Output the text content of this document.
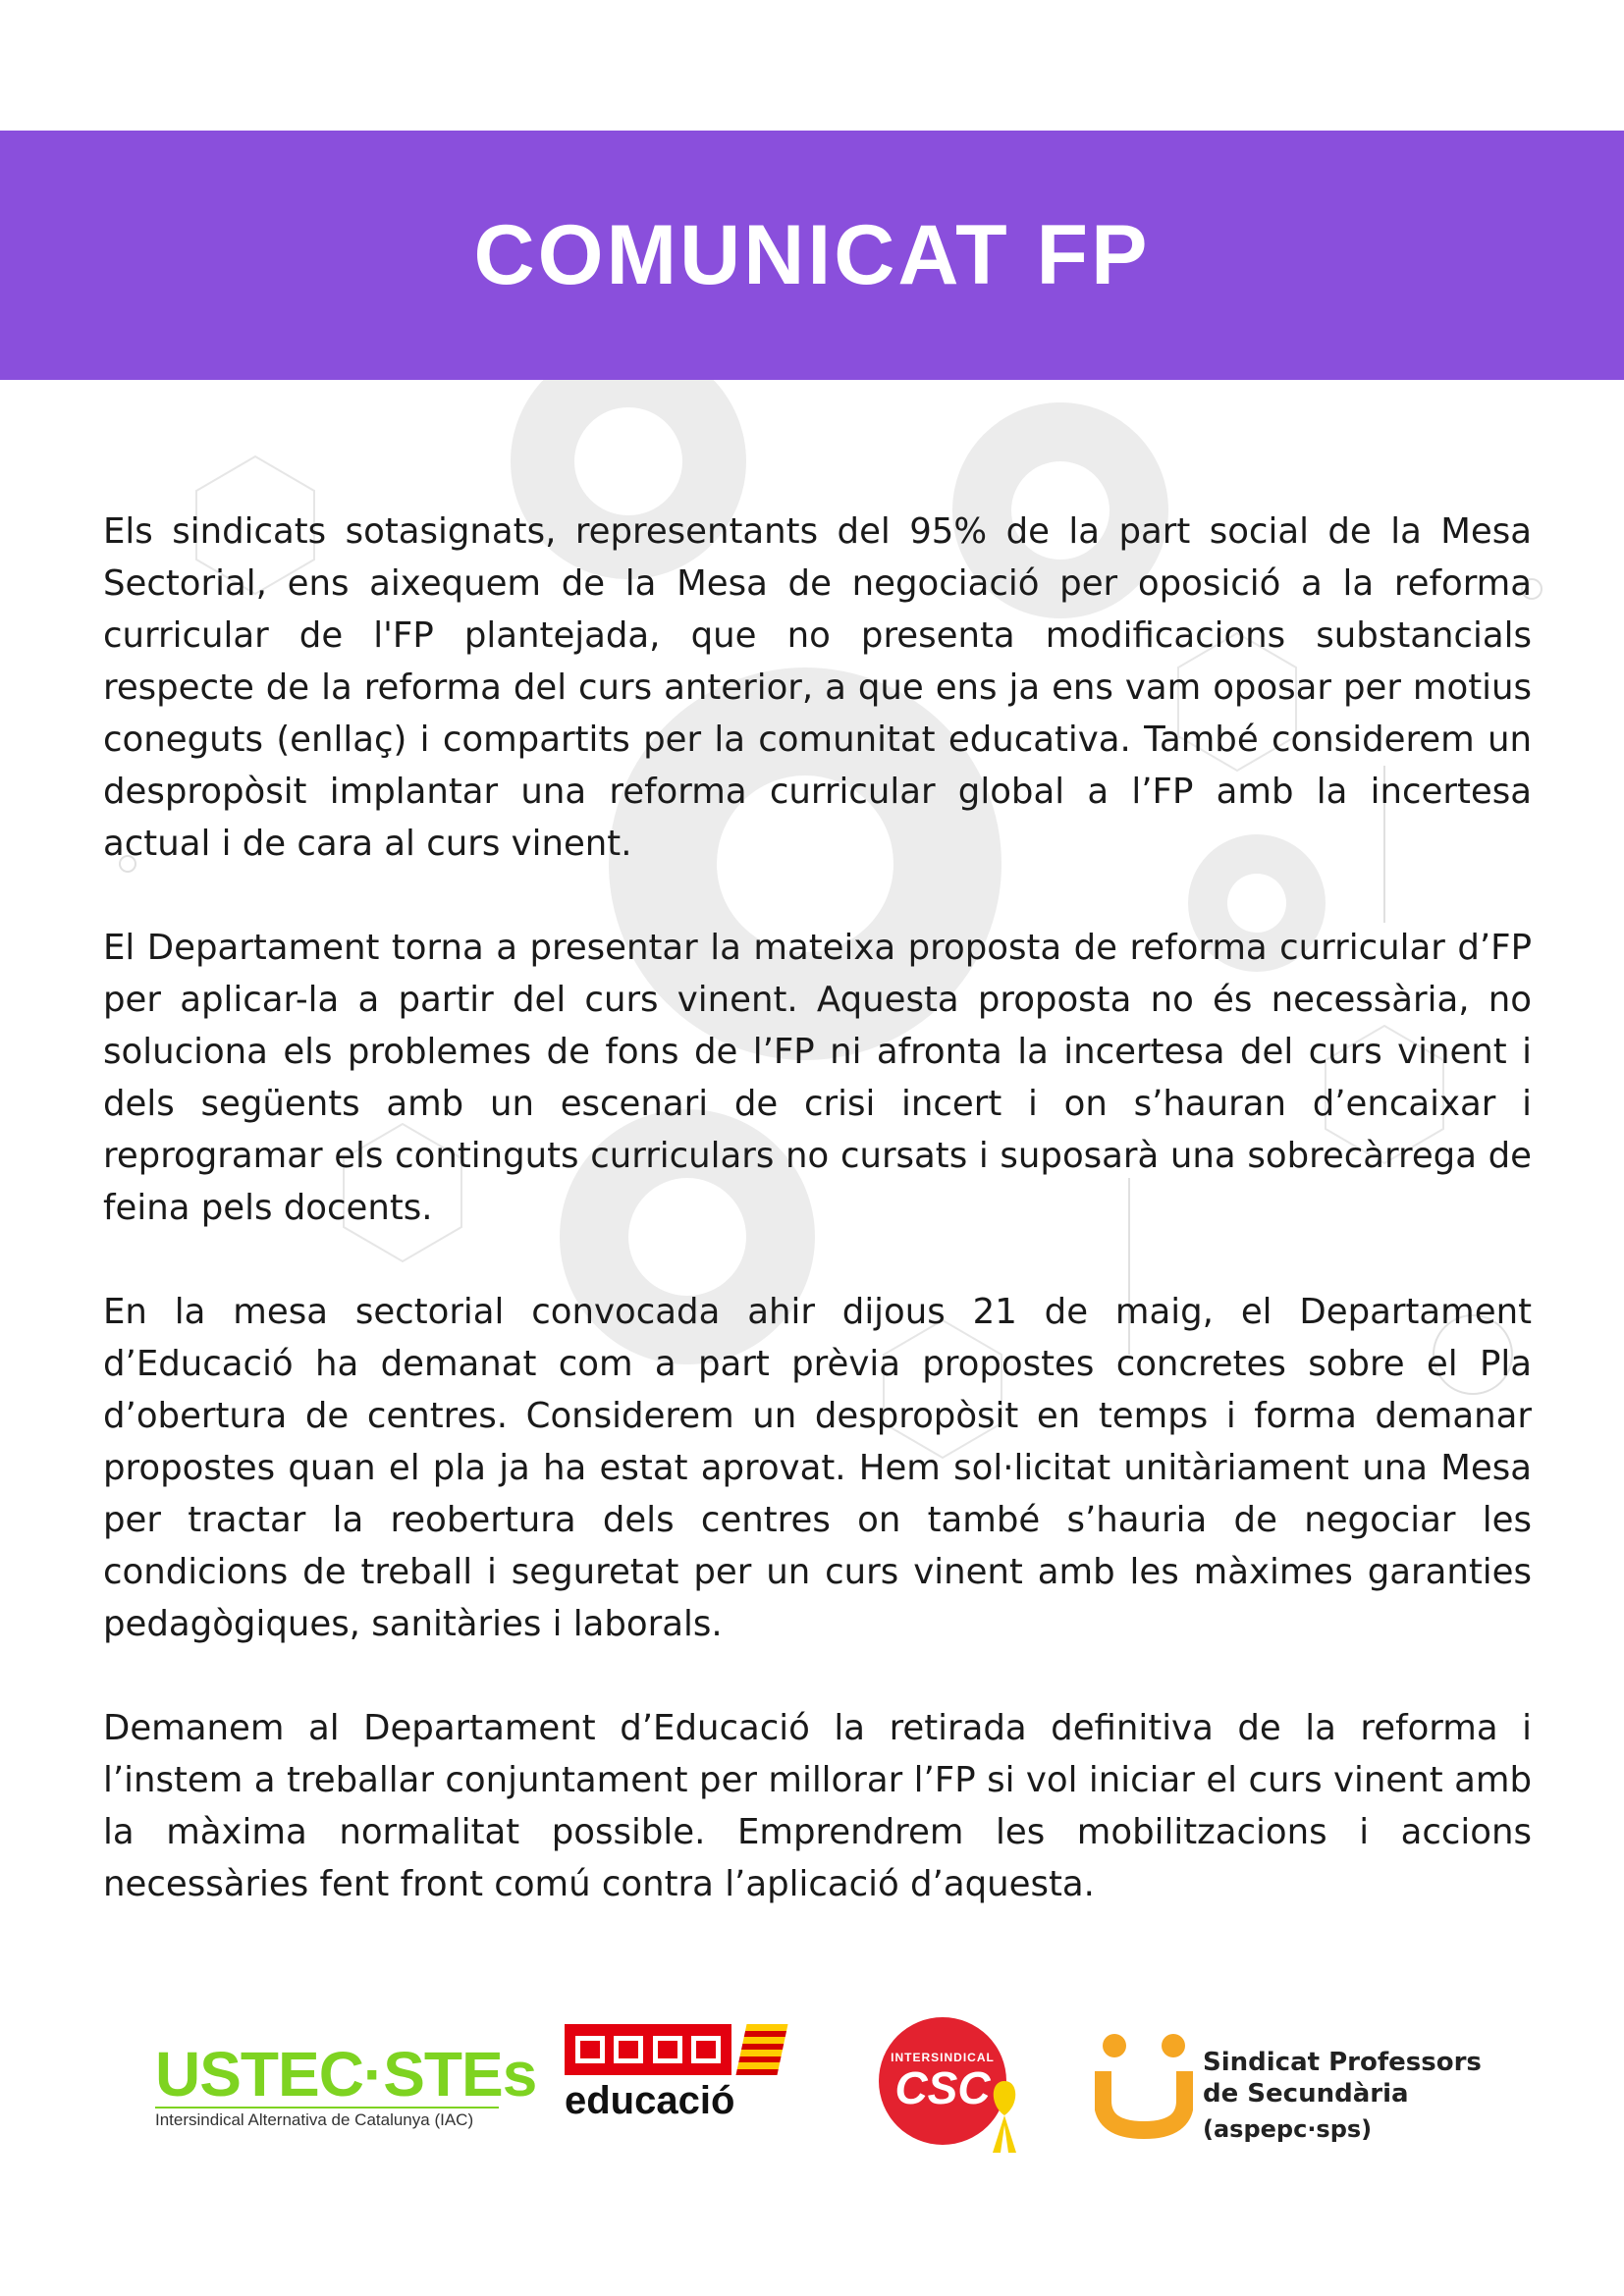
COMUNICAT FP

Els sindicats sotasignats, representants del 95% de la part social de la Mesa Sectorial, ens aixequem de la Mesa de negociació per oposició a la reforma curricular de l'FP plantejada, que no presenta modificacions substancials respecte de la reforma del curs anterior, a que ens ja ens vam oposar per motius coneguts (enllaç) i compartits per la comunitat educativa. També considerem un despropòsit implantar una reforma curricular global a l’FP amb la incertesa actual i de cara al curs vinent.

El Departament torna a presentar la mateixa proposta de reforma curricular d’FP per aplicar-la a partir del curs vinent. Aquesta proposta no és necessària, no soluciona els problemes de fons de l’FP ni afronta la incertesa del curs vinent i dels següents amb un escenari de crisi incert i on s’hauran d’encaixar i reprogramar els continguts curriculars no cursats i suposarà una sobrecàrrega de feina pels docents.

En la mesa sectorial convocada ahir dijous 21 de maig, el Departament d’Educació ha demanat com a part prèvia propostes concretes sobre el Pla d’obertura de centres. Considerem un despropòsit en temps i forma demanar propostes quan el pla ja ha estat aprovat. Hem sol·licitat unitàriament una Mesa per tractar la reobertura dels centres on també s’hauria de negociar les condicions de treball i seguretat per un curs vinent amb les màximes garanties pedagògiques, sanitàries i laborals.

Demanem al Departament d’Educació la retirada definitiva de la reforma i l’instem a treballar conjuntament per millorar l’FP si vol iniciar el curs vinent amb la màxima normalitat possible. Emprendrem les mobilitzacions i accions necessàries fent front comú contra l’aplicació d’aquesta.

USTEC·STEs
Intersindical Alternativa de Catalunya (IAC)	educació
INTERSINDICAL
CSC	Sindicat Professors
de Secundària
(aspepc·sps)
